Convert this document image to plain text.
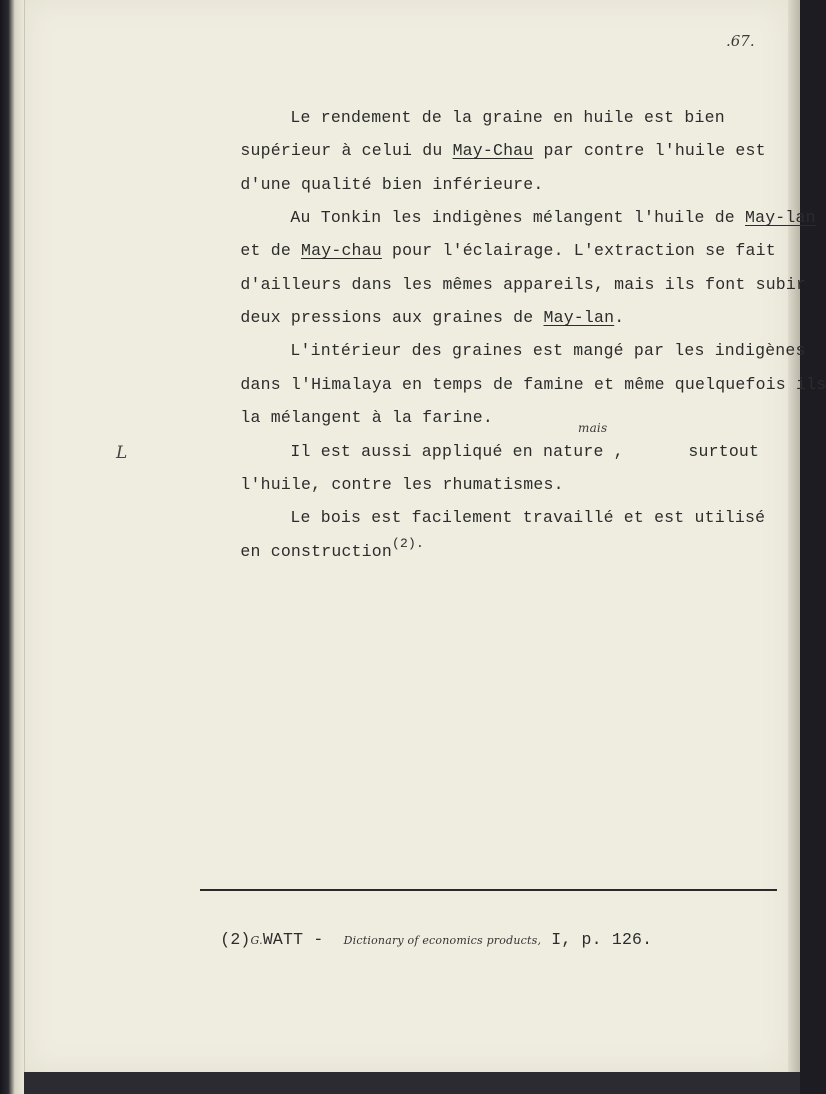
.67.
L

Le rendement de la graine en huile est bien

supérieur à celui du May-Chau par contre l'huile est

d'une qualité bien inférieure.

Au Tonkin les indigènes mélangent l'huile de May-lan

et de May-chau pour l'éclairage. L'extraction se fait

d'ailleurs dans les mêmes appareils, mais ils font subir

deux pressions aux graines de May-lan.

L'intérieur des graines est mangé par les indigènes

dans l'Himalaya en temps de famine et même quelquefois ils

la mélangent à la farine.

Il est aussi appliqué en nature ,

mais

surtout

l'huile, contre les rhumatismes.

Le bois est facilement travaillé et est utilisé

en construction$^{(2).}$

(2)G.WATT -  Dictionary of economics products, I, p. 126.
